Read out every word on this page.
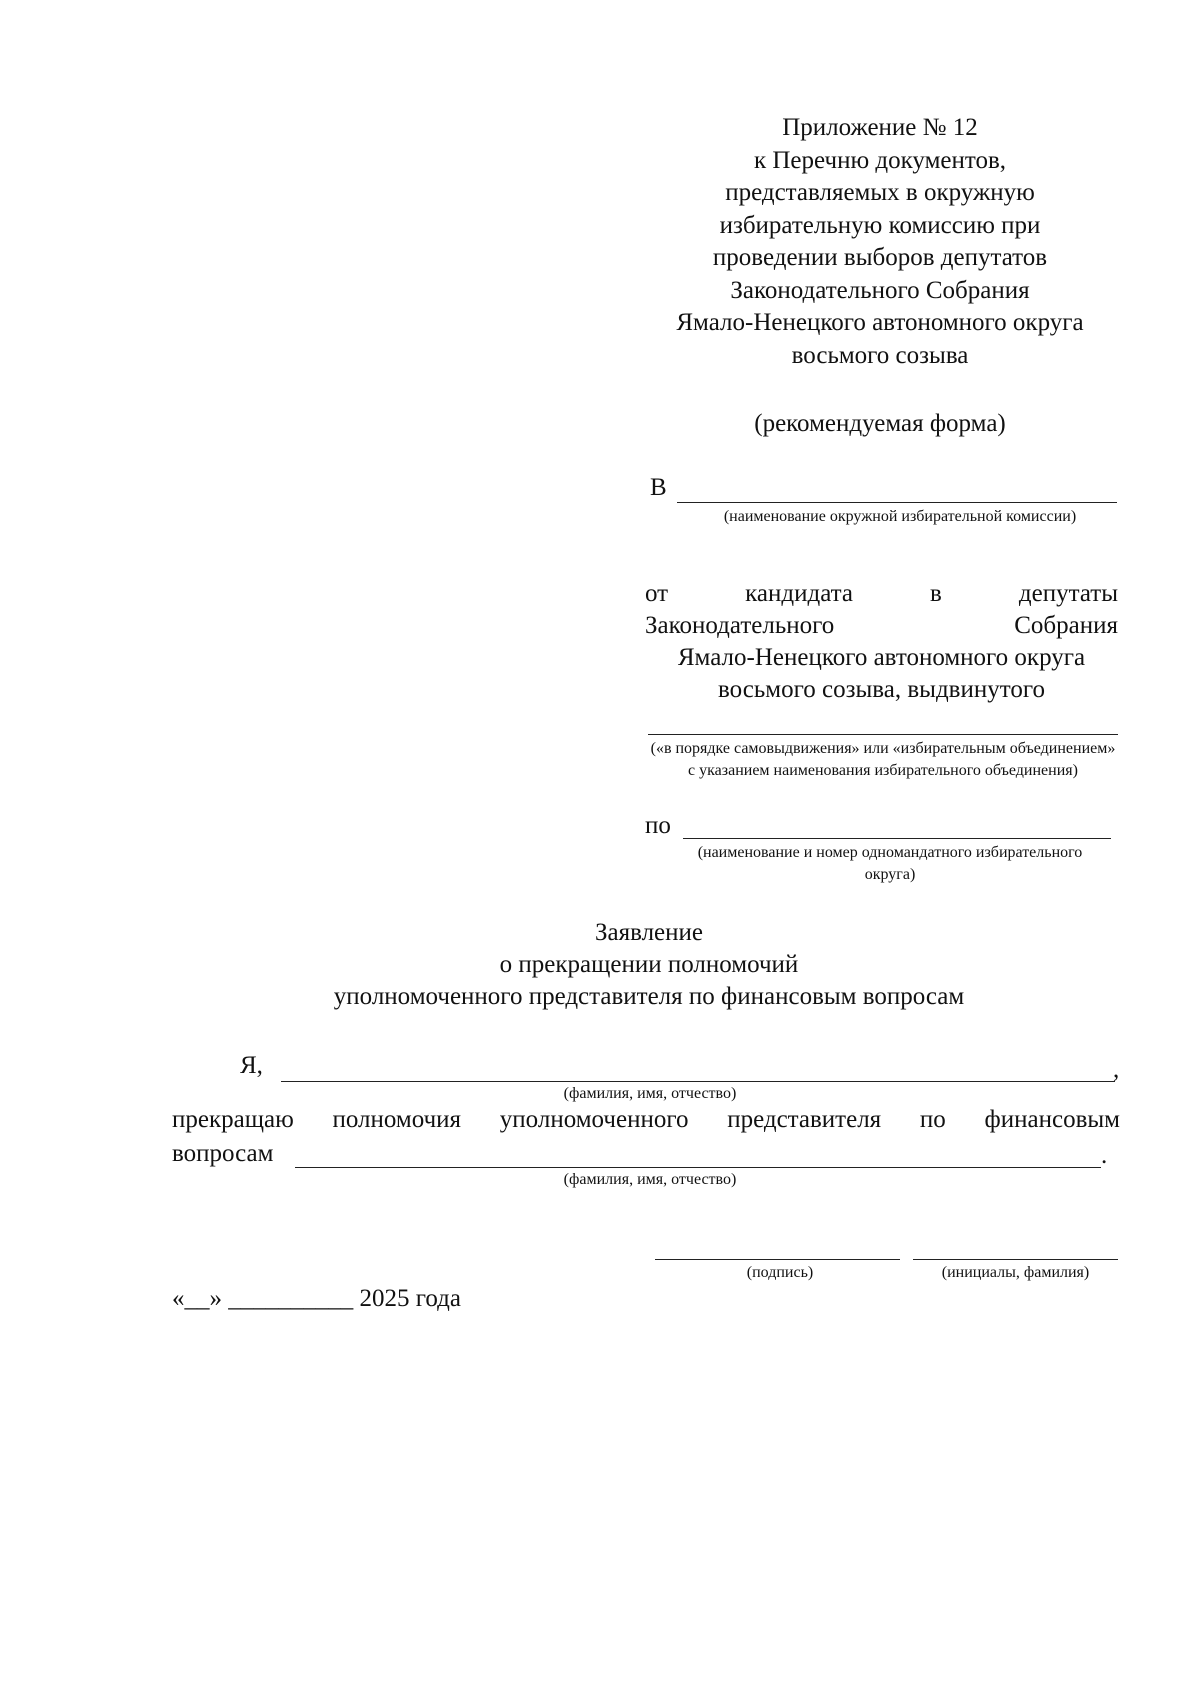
Приложение № 12
к Перечню документов,
представляемых в окружную
избирательную комиссию при
проведении выборов депутатов
Законодательного Собрания
Ямало-Ненецкого автономного округа
восьмого созыва
(рекомендуемая форма)
В
(наименование окружной избирательной комиссии)
от	кандидата	в	депутаты
Законодательного	Собрания
Ямало-Ненецкого автономного округа
восьмого созыва, выдвинутого
(«в порядке самовыдвижения» или «избирательным объединением» с указанием наименования избирательного объединения)
по
(наименование и номер одномандатного избирательного округа)
Заявление
о прекращении полномочий
уполномоченного представителя по финансовым вопросам
Я,	,
(фамилия, имя, отчество)
прекращаю полномочия уполномоченного представителя по финансовым
вопросам	.
(фамилия, имя, отчество)
(подпись)	(инициалы, фамилия)
«__» __________ 2025 года
